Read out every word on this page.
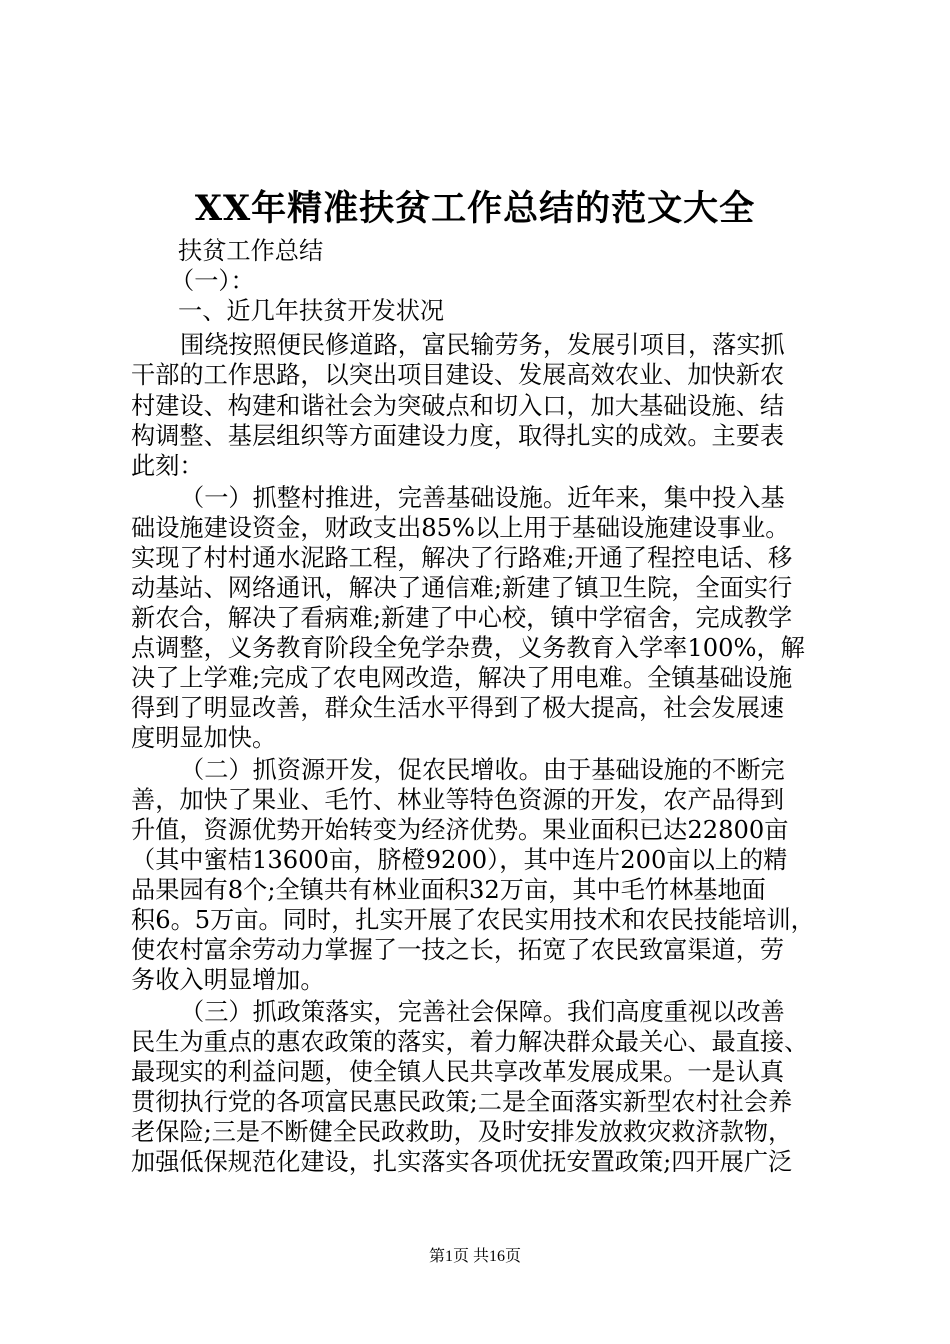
XX年精准扶贫工作总结的范文大全
扶贫工作总结
（一）：
一、近几年扶贫开发状况
围绕按照便民修道路，富民输劳务，发展引项目，落实抓
干部的工作思路，以突出项目建设、发展高效农业、加快新农
村建设、构建和谐社会为突破点和切入口，加大基础设施、结
构调整、基层组织等方面建设力度，取得扎实的成效。主要表
此刻：
（一）抓整村推进，完善基础设施。近年来，集中投入基
础设施建设资金，财政支出85%以上用于基础设施建设事业。
实现了村村通水泥路工程，解决了行路难;开通了程控电话、移
动基站、网络通讯，解决了通信难;新建了镇卫生院，全面实行
新农合，解决了看病难;新建了中心校，镇中学宿舍，完成教学
点调整，义务教育阶段全免学杂费，义务教育入学率100%，解
决了上学难;完成了农电网改造，解决了用电难。全镇基础设施
得到了明显改善，群众生活水平得到了极大提高，社会发展速
度明显加快。
（二）抓资源开发，促农民增收。由于基础设施的不断完
善，加快了果业、毛竹、林业等特色资源的开发，农产品得到
升值，资源优势开始转变为经济优势。果业面积已达22800亩
（其中蜜桔13600亩，脐橙9200），其中连片200亩以上的精
品果园有8个;全镇共有林业面积32万亩，其中毛竹林基地面
积6。5万亩。同时，扎实开展了农民实用技术和农民技能培训，
使农村富余劳动力掌握了一技之长，拓宽了农民致富渠道，劳
务收入明显增加。
（三）抓政策落实，完善社会保障。我们高度重视以改善
民生为重点的惠农政策的落实，着力解决群众最关心、最直接、
最现实的利益问题，使全镇人民共享改革发展成果。一是认真
贯彻执行党的各项富民惠民政策;二是全面落实新型农村社会养
老保险;三是不断健全民政救助，及时安排发放救灾救济款物，
加强低保规范化建设，扎实落实各项优抚安置政策;四开展广泛
第1页 共16页
